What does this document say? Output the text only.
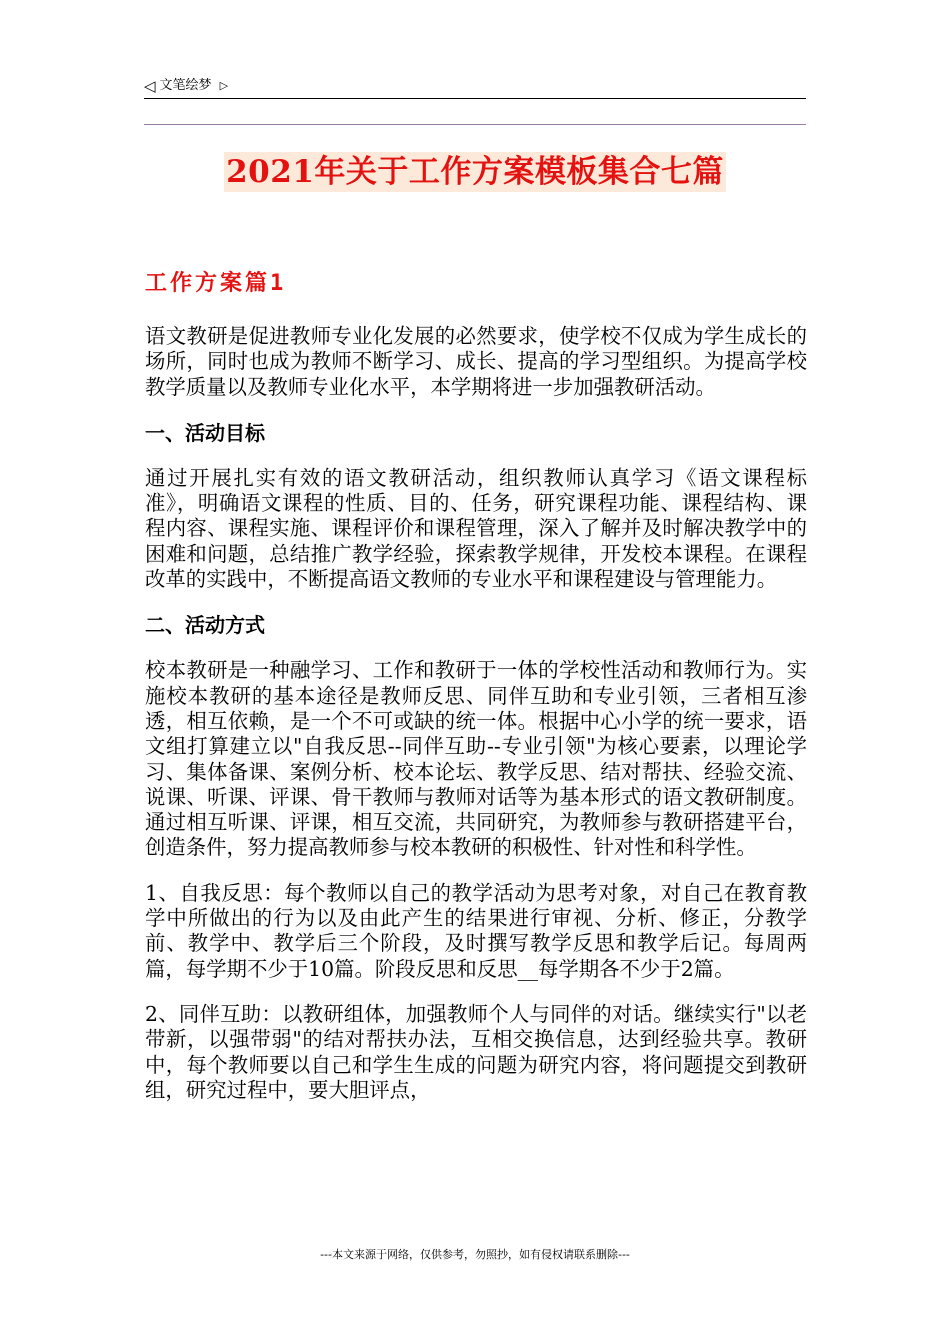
◁ 文笔绘梦 ▷
2021年关于工作方案模板集合七篇
工作方案篇1

语文教研是促进教师专业化发展的必然要求，使学校不仅成为学生成长的场所，同时也成为教师不断学习、成长、提高的学习型组织。为提高学校教学质量以及教师专业化水平，本学期将进一步加强教研活动。

一、活动目标

通过开展扎实有效的语文教研活动，组织教师认真学习《语文课程标准》，明确语文课程的性质、目的、任务，研究课程功能、课程结构、课程内容、课程实施、课程评价和课程管理，深入了解并及时解决教学中的困难和问题，总结推广教学经验，探索教学规律，开发校本课程。在课程改革的实践中，不断提高语文教师的专业水平和课程建设与管理能力。

二、活动方式

校本教研是一种融学习、工作和教研于一体的学校性活动和教师行为。实施校本教研的基本途径是教师反思、同伴互助和专业引领，三者相互渗透，相互依赖，是一个不可或缺的统一体。根据中心小学的统一要求，语文组打算建立以"自我反思--同伴互助--专业引领"为核心要素，以理论学习、集体备课、案例分析、校本论坛、教学反思、结对帮扶、经验交流、说课、听课、评课、骨干教师与教师对话等为基本形式的语文教研制度。通过相互听课、评课，相互交流，共同研究，为教师参与教研搭建平台，创造条件，努力提高教师参与校本教研的积极性、针对性和科学性。

1、自我反思：每个教师以自己的教学活动为思考对象，对自己在教育教学中所做出的行为以及由此产生的结果进行审视、分析、修正，分教学前、教学中、教学后三个阶段，及时撰写教学反思和教学后记。每周两篇，每学期不少于10篇。阶段反思和反思__每学期各不少于2篇。

2、同伴互助：以教研组体，加强教师个人与同伴的对话。继续实行"以老带新，以强带弱"的结对帮扶办法，互相交换信息，达到经验共享。教研中，每个教师要以自己和学生生成的问题为研究内容，将问题提交到教研组，研究过程中，要大胆评点，

---本文来源于网络，仅供参考，勿照抄，如有侵权请联系删除---
